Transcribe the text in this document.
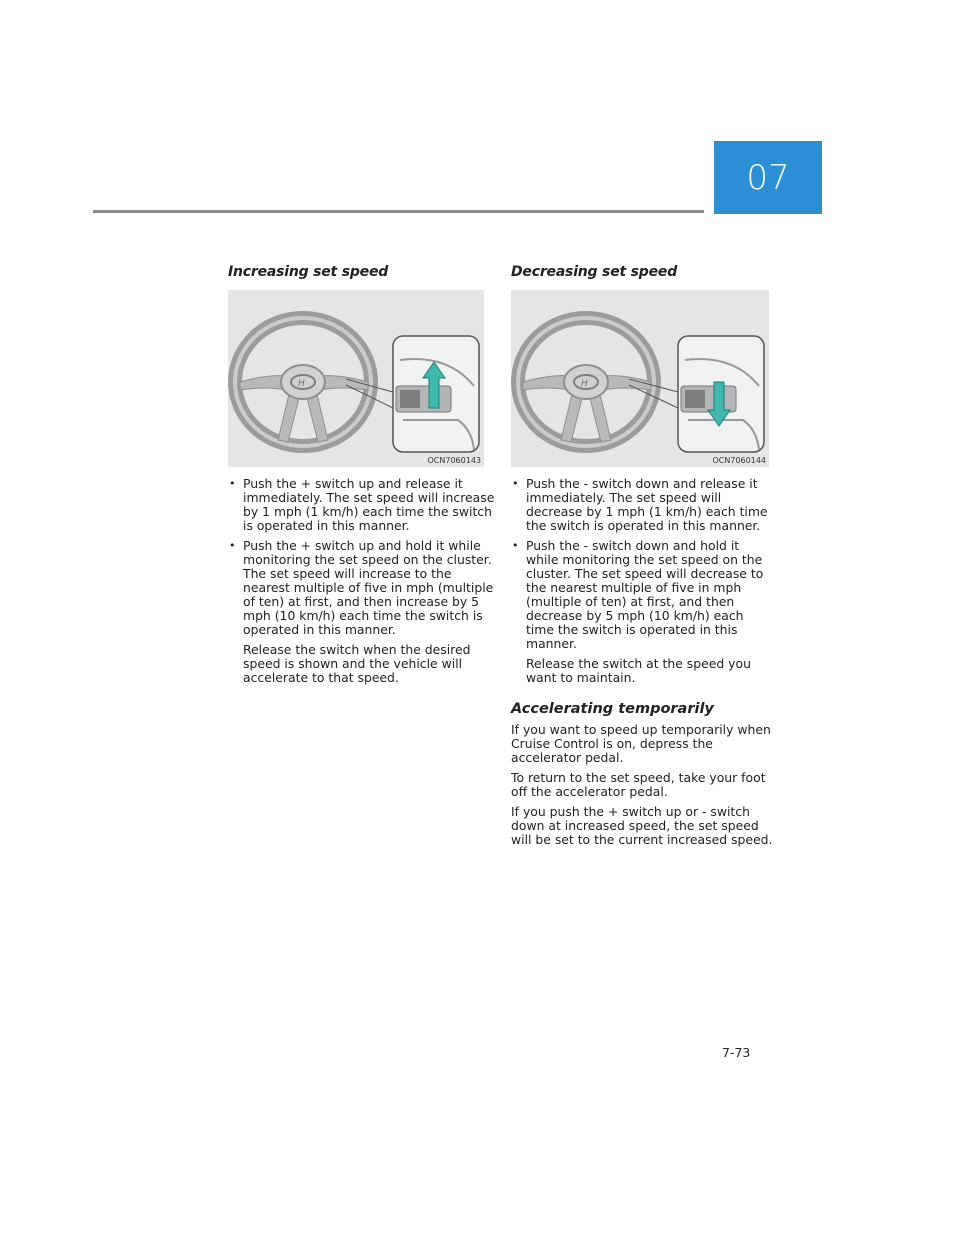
07
Increasing set speed
H
OCN7060143
• Push the + switch up and release it immediately. The set speed will increase by 1 mph (1 km/h) each time the switch is operated in this manner.
• Push the + switch up and hold it while monitoring the set speed on the cluster. The set speed will increase to the nearest multiple of five in mph (multiple of ten) at first, and then increase by 5 mph (10 km/h) each time the switch is operated in this manner.
Release the switch when the desired speed is shown and the vehicle will accelerate to that speed.
Decreasing set speed
H
OCN7060144
• Push the - switch down and release it immediately. The set speed will decrease by 1 mph (1 km/h) each time the switch is operated in this manner.
• Push the - switch down and hold it while monitoring the set speed on the cluster. The set speed will decrease to the nearest multiple of five in mph (multiple of ten) at first, and then decrease by 5 mph (10 km/h) each time the switch is operated in this manner.
Release the switch at the speed you want to maintain.
Accelerating temporarily

If you want to speed up temporarily when Cruise Control is on, depress the accelerator pedal.

To return to the set speed, take your foot off the accelerator pedal.

If you push the + switch up or - switch down at increased speed, the set speed will be set to the current increased speed.

7-73
